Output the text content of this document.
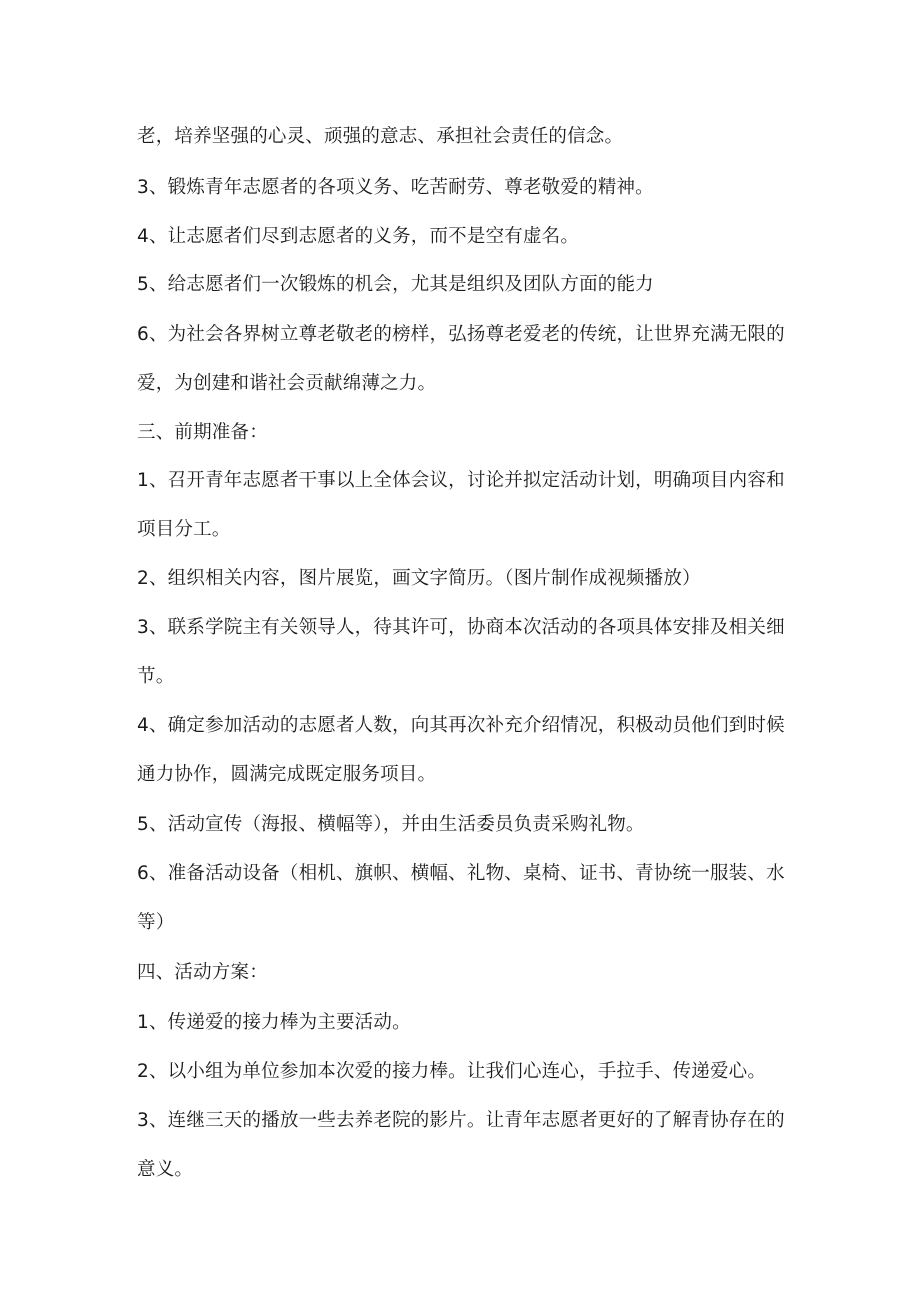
老，培养坚强的心灵、顽强的意志、承担社会责任的信念。
3、锻炼青年志愿者的各项义务、吃苦耐劳、尊老敬爱的精神。
4、让志愿者们尽到志愿者的义务，而不是空有虚名。
5、给志愿者们一次锻炼的机会，尤其是组织及团队方面的能力
6、为社会各界树立尊老敬老的榜样，弘扬尊老爱老的传统，让世界充满无限的
爱，为创建和谐社会贡献绵薄之力。
三、前期准备：
1、召开青年志愿者干事以上全体会议，讨论并拟定活动计划，明确项目内容和
项目分工。
2、组织相关内容，图片展览，画文字简历。（图片制作成视频播放）
3、联系学院主有关领导人，待其许可，协商本次活动的各项具体安排及相关细
节。
4、确定参加活动的志愿者人数，向其再次补充介绍情况，积极动员他们到时候
通力协作，圆满完成既定服务项目。
5、活动宣传（海报、横幅等），并由生活委员负责采购礼物。
6、准备活动设备（相机、旗帜、横幅、礼物、桌椅、证书、青协统一服装、水
等）
四、活动方案：
1、传递爱的接力棒为主要活动。
2、以小组为单位参加本次爱的接力棒。让我们心连心，手拉手、传递爱心。
3、连继三天的播放一些去养老院的影片。让青年志愿者更好的了解青协存在的
意义。
